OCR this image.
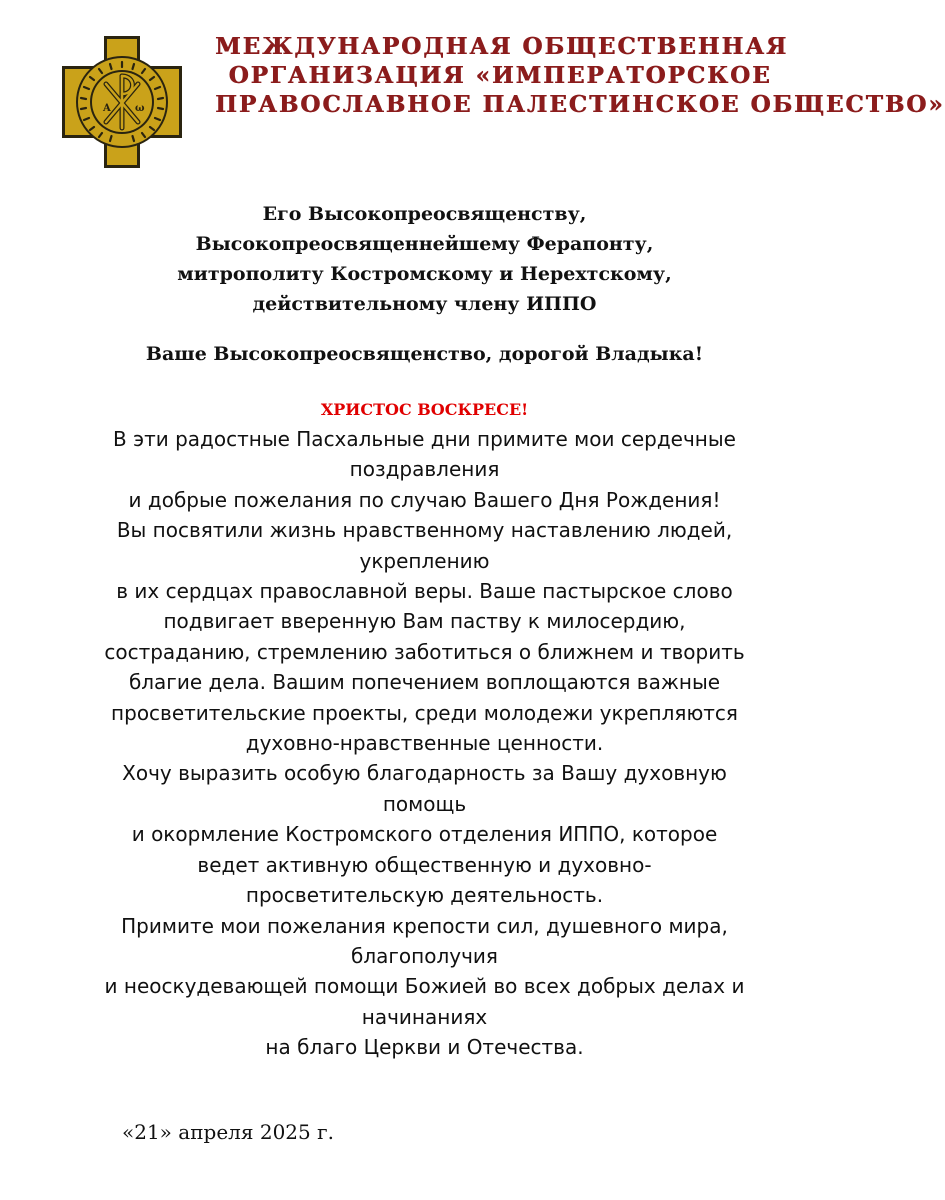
Α ω
МЕЖДУНАРОДНАЯ ОБЩЕСТВЕННАЯ
ОРГАНИЗАЦИЯ «ИМПЕРАТОРСКОЕ
ПРАВОСЛАВНОЕ ПАЛЕСТИНСКОЕ ОБЩЕСТВО»
Его Высокопреосвященству,
Высокопреосвященнейшему Ферапонту,
митрополиту Костромскому и Нерехтскому,
действительному члену ИППО
Ваше Высокопреосвященство, дорогой Владыка!
ХРИСТОС ВОСКРЕСЕ!
В эти радостные Пасхальные дни примите мои сердечные
поздравления
и добрые пожелания по случаю Вашего Дня Рождения!
Вы посвятили жизнь нравственному наставлению людей,
укреплению
в их сердцах православной веры. Ваше пастырское слово
подвигает вверенную Вам паству к милосердию,
состраданию, стремлению заботиться о ближнем и творить
благие дела. Вашим попечением воплощаются важные
просветительские проекты, среди молодежи укрепляются
духовно-нравственные ценности.
Хочу выразить особую благодарность за Вашу духовную
помощь
и окормление Костромского отделения ИППО, которое
ведет активную общественную и духовно-
просветительскую деятельность.
Примите мои пожелания крепости сил, душевного мира,
благополучия
и неоскудевающей помощи Божией во всех добрых делах и
начинаниях
на благо Церкви и Отечества.
«21» апреля 2025 г.
